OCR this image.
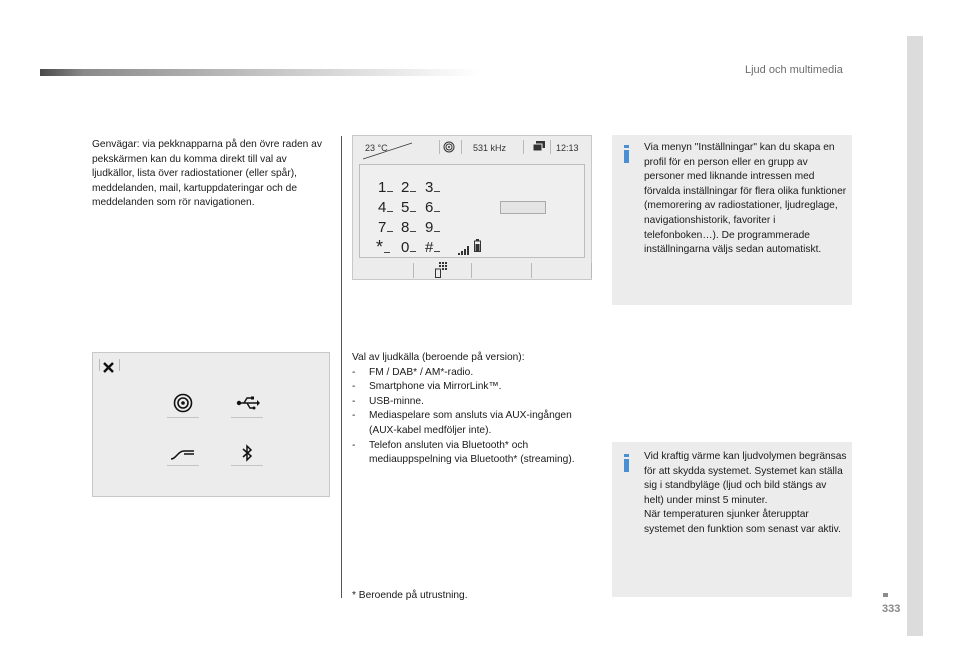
Ljud och multimedia
333

Genvägar: via pekknapparna på den övre raden av pekskärmen kan du komma direkt till val av ljudkällor, lista över radiostationer (eller spår), meddelanden, mail, kartuppdateringar och de meddelanden som rör navigationen.

23 °C	531 kHz	12:13
1 2	3
4 5	6
7 8	9
*	0	#

Via menyn "Inställningar" kan du skapa en profil för en person eller en grupp av personer med liknande intressen med förvalda inställningar för flera olika funktioner (memorering av radiostationer, ljudreglage, navigationshistorik, favoriter i telefonboken…). De programmerade inställningarna väljs sedan automatiskt.

Val av ljudkälla (beroende på version):

- FM / DAB* / AM*-radio.

- Smartphone via MirrorLink™.

- USB-minne.

- Mediaspelare som ansluts via AUX-ingången (AUX-kabel medföljer inte).

- Telefon ansluten via Bluetooth* och mediauppspelning via Bluetooth* (streaming).	Vid kraftig värme kan ljudvolymen begränsas för att skydda systemet. Systemet kan ställa sig i standbyläge (ljud och bild stängs av helt) under minst 5 minuter.
När temperaturen sjunker återupptar systemet den funktion som senast var aktiv.

* Beroende på utrustning.
